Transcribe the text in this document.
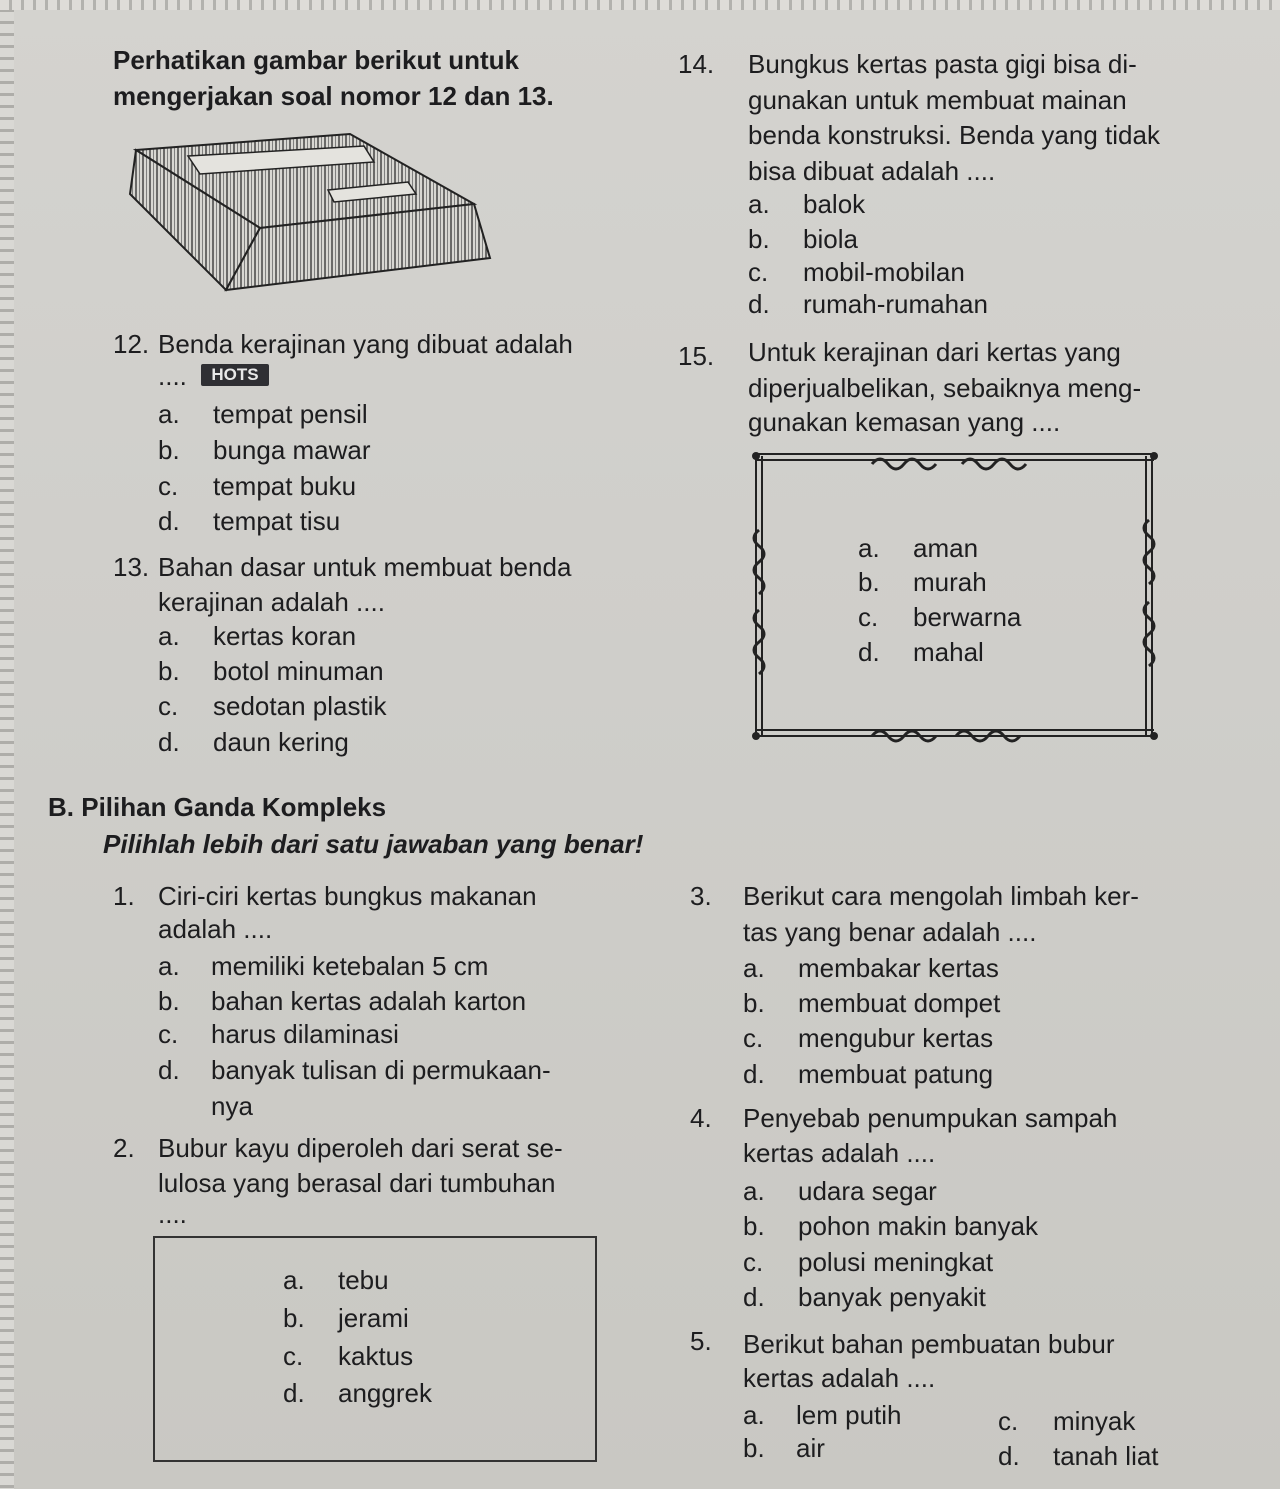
Perhatikan gambar berikut untuk
mengerjakan soal nomor 12 dan 13.
12. Benda kerajinan yang dibuat adalah
....	HOTS
a. tempat pensil
b. bunga mawar
c. tempat buku
d. tempat tisu
13. Bahan dasar untuk membuat benda
kerajinan adalah ....
a. kertas koran
b. botol minuman
c. sedotan plastik
d. daun kering
14. Bungkus kertas pasta gigi bisa di-
gunakan untuk membuat mainan
benda konstruksi. Benda yang tidak
bisa dibuat adalah ....
a. balok
b. biola
c. mobil-mobilan
d. rumah-rumahan
15. Untuk kerajinan dari kertas yang
diperjualbelikan, sebaiknya meng-
gunakan kemasan yang ....
a. aman
b. murah
c. berwarna
d. mahal
B. Pilihan Ganda Kompleks
Pilihlah lebih dari satu jawaban yang benar!
1. Ciri-ciri kertas bungkus makanan
adalah ....
a. memiliki ketebalan 5 cm
b. bahan kertas adalah karton
c. harus dilaminasi
d. banyak tulisan di permukaan-
nya
2. Bubur kayu diperoleh dari serat se-
lulosa yang berasal dari tumbuhan
....
a. tebu
b. jerami
c. kaktus
d. anggrek
3. Berikut cara mengolah limbah ker-
tas yang benar adalah ....
a. membakar kertas
b. membuat dompet
c. mengubur kertas
d. membuat patung
4. Penyebab penumpukan sampah
kertas adalah ....
a. udara segar
b. pohon makin banyak
c. polusi meningkat
d. banyak penyakit
5. Berikut bahan pembuatan bubur
kertas adalah ....
a. lem putih
b. air
c. minyak
d. tanah liat
